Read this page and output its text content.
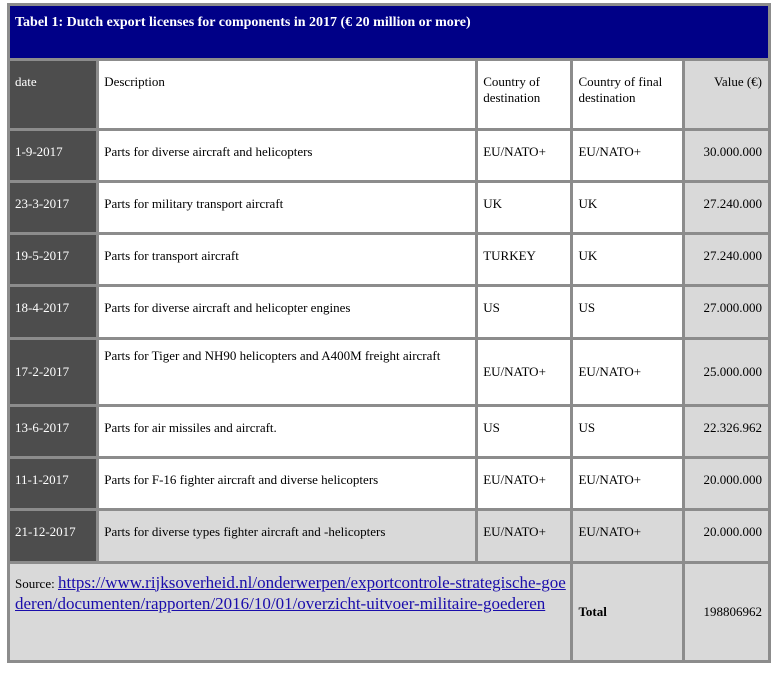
Tabel 1: Dutch export licenses for components in 2017 (€ 20 million or more)				
date	Description	Country of destination	Country of final destination	Value (€)
1-9-2017	Parts for diverse aircraft and helicopters	EU/NATO+	EU/NATO+	30.000.000
23-3-2017	Parts for military transport aircraft	UK	UK	27.240.000
19-5-2017	Parts for transport aircraft	TURKEY	UK	27.240.000
18-4-2017	Parts for diverse aircraft and helicopter engines	US	US	27.000.000
17-2-2017	Parts for Tiger and NH90 helicopters and A400M freight aircraft	EU/NATO+	EU/NATO+	25.000.000
13-6-2017	Parts for air missiles and aircraft.	US	US	22.326.962
11-1-2017	Parts for F-16 fighter aircraft and diverse helicopters	EU/NATO+	EU/NATO+	20.000.000
21-12-2017	Parts for diverse types fighter aircraft and -helicopters	EU/NATO+	EU/NATO+	20.000.000
Source: https://www.rijksoverheid.nl/onderwerpen/exportcontrole-strategische-goederen/documenten/rapporten/2016/10/01/overzicht-uitvoer-militaire-goederen			Total	198806962
